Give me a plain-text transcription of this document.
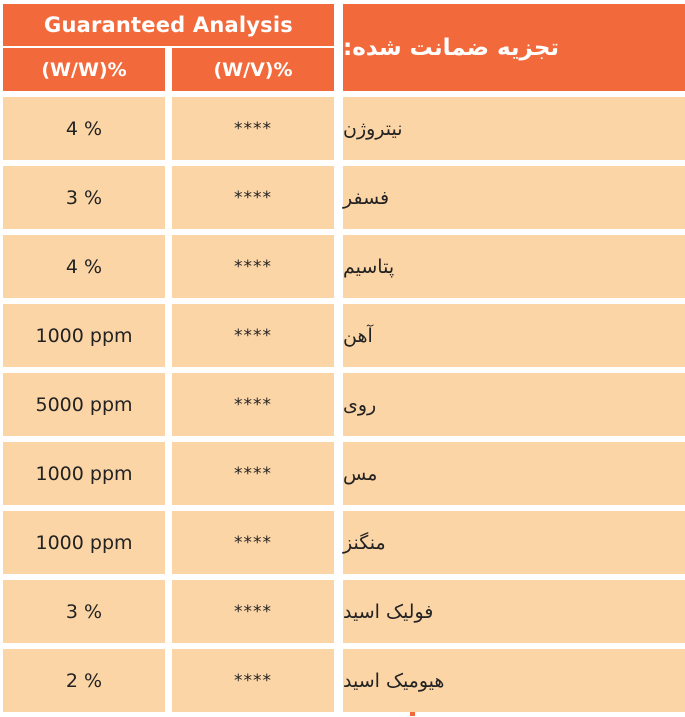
Guaranteed Analysis
(W/W)%	(W/V)%
تجزیه ضمانت شده:
4 %	****	نیتروژن
3 %	****	فسفر
4 %	****	پتاسیم
1000 ppm	****	آهن
5000 ppm	****	روی
1000 ppm	****	مس
1000 ppm	****	منگنز
3 %	****	فولیک اسید
2 %	****	هیومیک اسید
